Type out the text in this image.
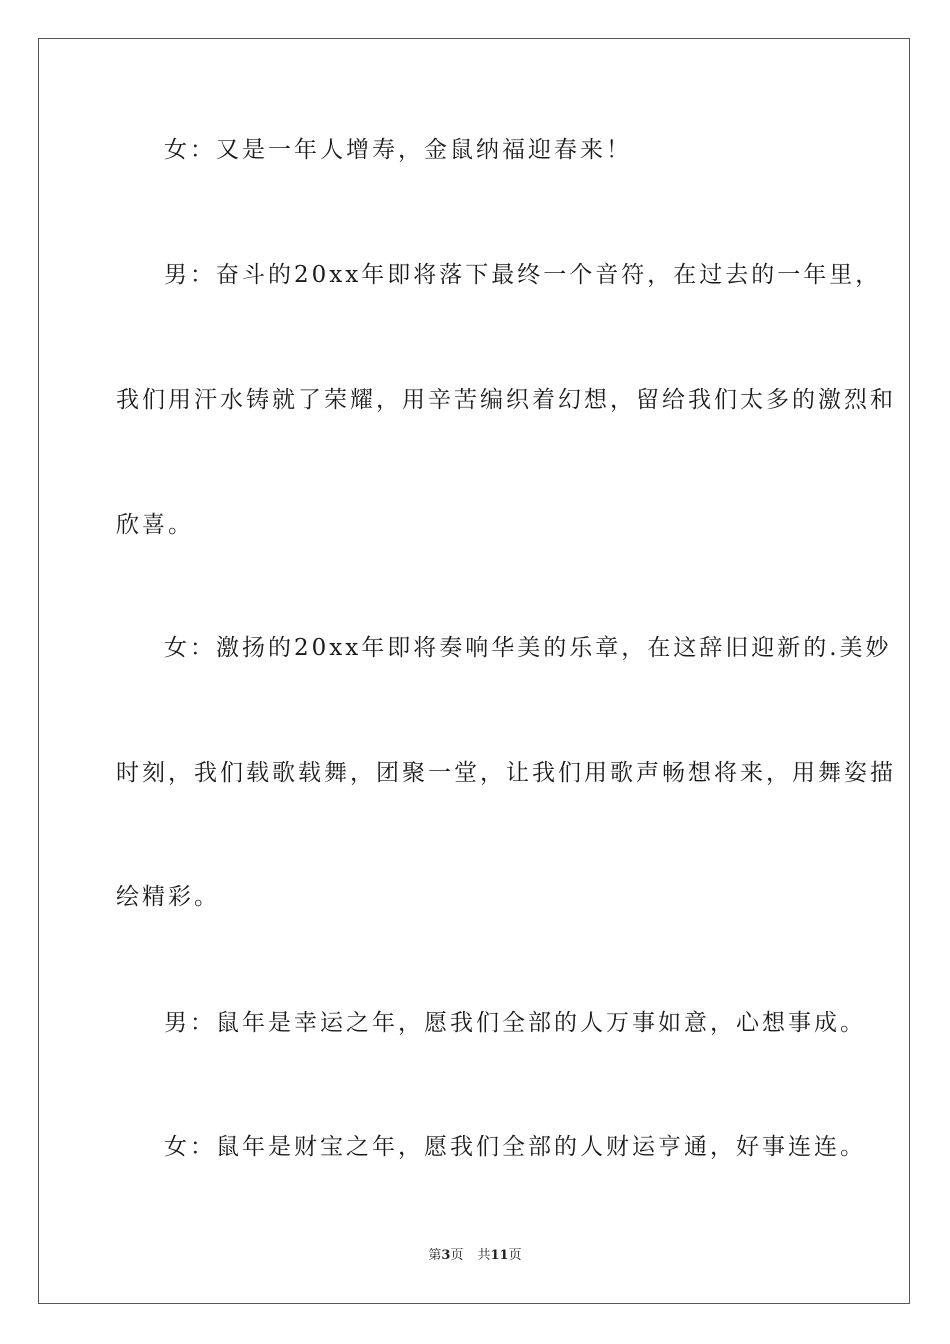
女：又是一年人增寿，金鼠纳福迎春来！
男：奋斗的20xx年即将落下最终一个音符，在过去的一年里，
我们用汗水铸就了荣耀，用辛苦编织着幻想，留给我们太多的激烈和
欣喜。
女：激扬的20xx年即将奏响华美的乐章，在这辞旧迎新的.美妙
时刻，我们载歌载舞，团聚一堂，让我们用歌声畅想将来，用舞姿描
绘精彩。
男：鼠年是幸运之年，愿我们全部的人万事如意，心想事成。
女：鼠年是财宝之年，愿我们全部的人财运亨通，好事连连。
第3页 共11页
